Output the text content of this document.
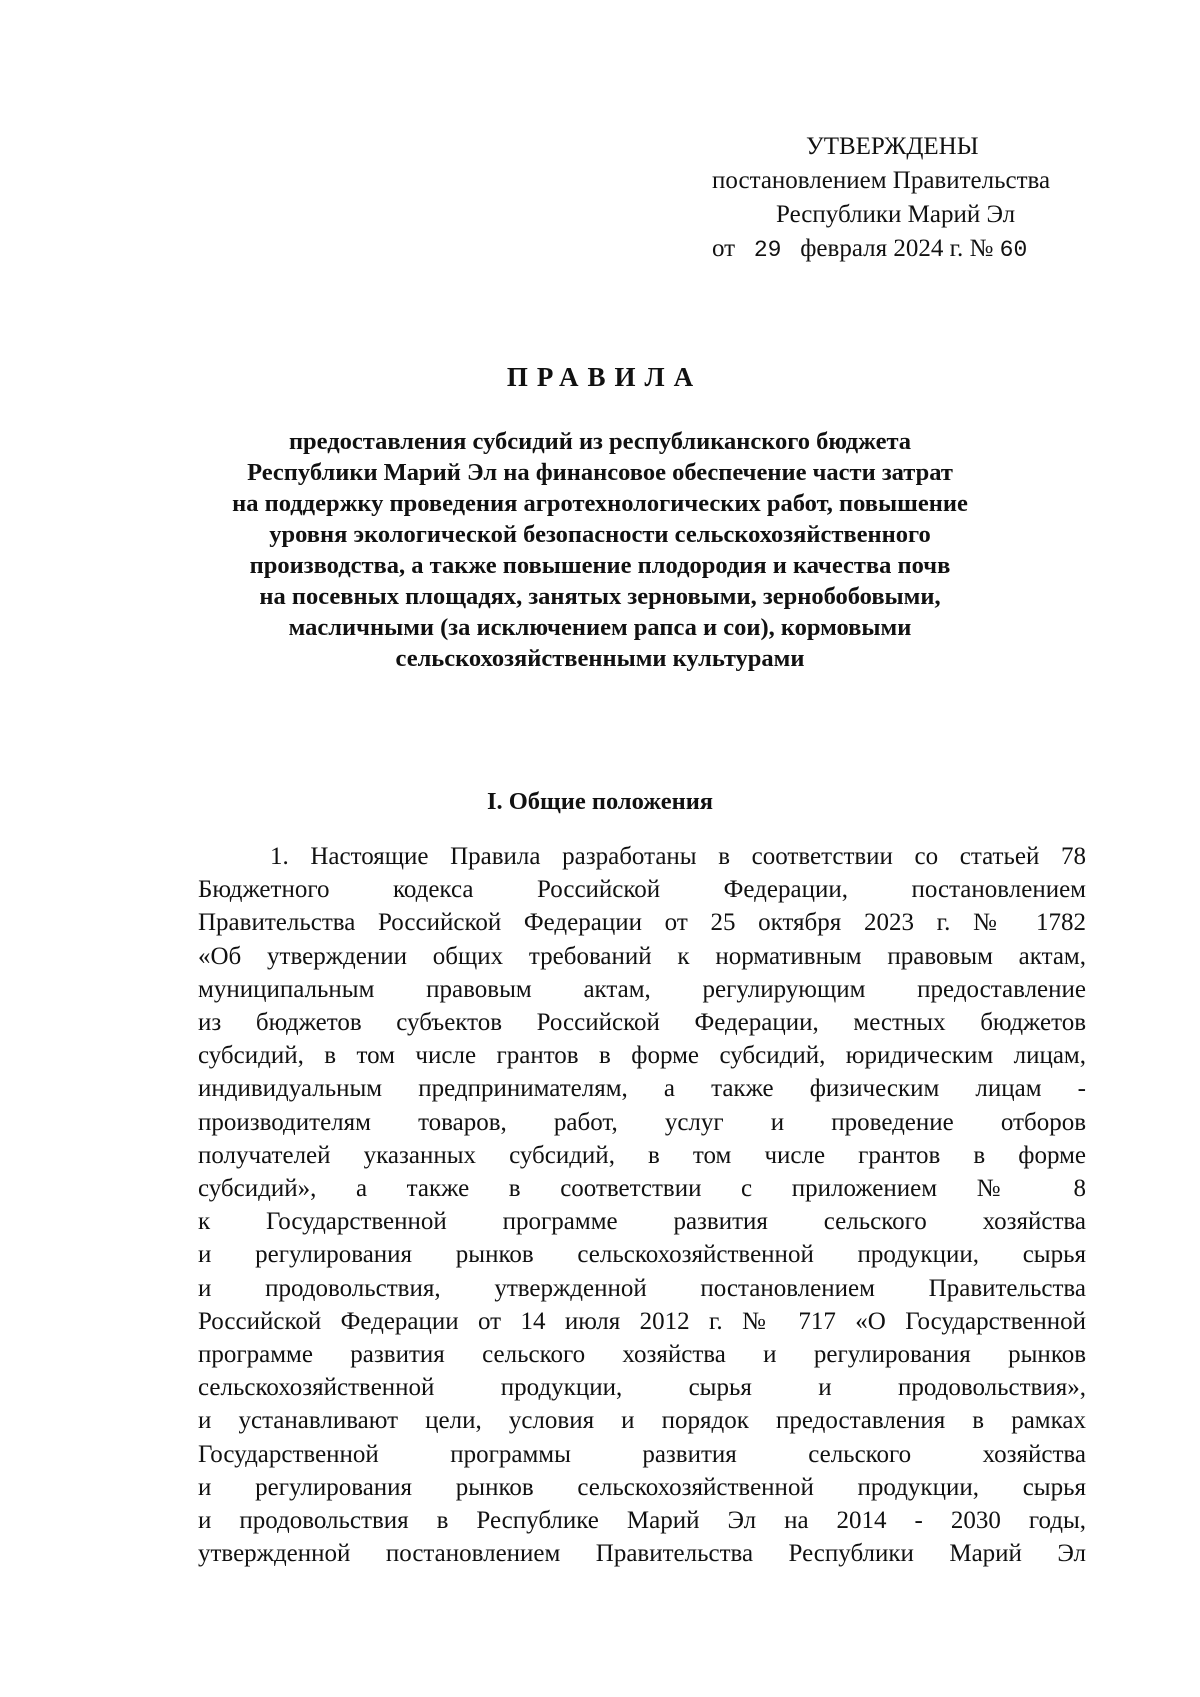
УТВЕРЖДЕНЫ
постановлением Правительства
Республики Марий Эл
от 29 февраля 2024 г. № 60
ПРАВИЛА
предоставления субсидий из республиканского бюджета
Республики Марий Эл на финансовое обеспечение части затрат
на поддержку проведения агротехнологических работ, повышение
уровня экологической безопасности сельскохозяйственного
производства, а также повышение плодородия и качества почв
на посевных площадях, занятых зерновыми, зернобобовыми,
масличными (за исключением рапса и сои), кормовыми
сельскохозяйственными культурами
I. Общие положения
1. Настоящие Правила разработаны в соответствии со статьей 78
Бюджетного кодекса Российской Федерации, постановлением
Правительства Российской Федерации от 25 октября 2023 г. № 1782
«Об утверждении общих требований к нормативным правовым актам,
муниципальным правовым актам, регулирующим предоставление
из бюджетов субъектов Российской Федерации, местных бюджетов
субсидий, в том числе грантов в форме субсидий, юридическим лицам,
индивидуальным предпринимателям, а также физическим лицам -
производителям товаров, работ, услуг и проведение отборов
получателей указанных субсидий, в том числе грантов в форме
субсидий», а также в соответствии с приложением № 8
к Государственной программе развития сельского хозяйства
и регулирования рынков сельскохозяйственной продукции, сырья
и продовольствия, утвержденной постановлением Правительства
Российской Федерации от 14 июля 2012 г. № 717 «О Государственной
программе развития сельского хозяйства и регулирования рынков
сельскохозяйственной продукции, сырья и продовольствия»,
и устанавливают цели, условия и порядок предоставления в рамках
Государственной программы развития сельского хозяйства
и регулирования рынков сельскохозяйственной продукции, сырья
и продовольствия в Республике Марий Эл на 2014 - 2030 годы,
утвержденной постановлением Правительства Республики Марий Эл
